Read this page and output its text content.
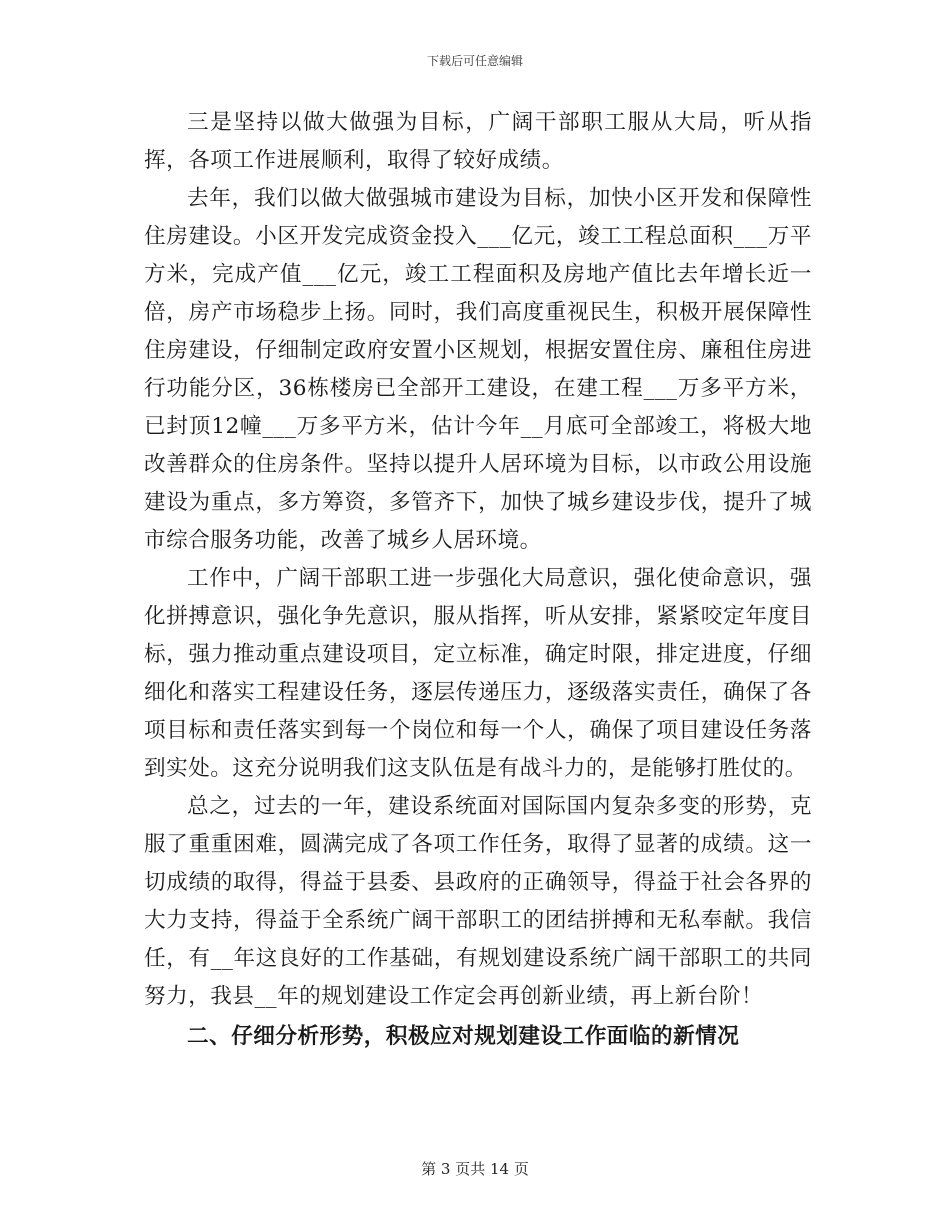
下载后可任意编辑

三是坚持以做大做强为目标，广阔干部职工服从大局，听从指挥，各项工作进展顺利，取得了较好成绩。

去年，我们以做大做强城市建设为目标，加快小区开发和保障性住房建设。小区开发完成资金投入___亿元，竣工工程总面积___万平方米，完成产值___亿元，竣工工程面积及房地产值比去年增长近一倍，房产市场稳步上扬。同时，我们高度重视民生，积极开展保障性住房建设，仔细制定政府安置小区规划，根据安置住房、廉租住房进行功能分区，36栋楼房已全部开工建设，在建工程___万多平方米，已封顶12幢___万多平方米，估计今年__月底可全部竣工，将极大地改善群众的住房条件。坚持以提升人居环境为目标，以市政公用设施建设为重点，多方筹资，多管齐下，加快了城乡建设步伐，提升了城市综合服务功能，改善了城乡人居环境。

工作中，广阔干部职工进一步强化大局意识，强化使命意识，强化拼搏意识，强化争先意识，服从指挥，听从安排，紧紧咬定年度目标，强力推动重点建设项目，定立标准，确定时限，排定进度，仔细细化和落实工程建设任务，逐层传递压力，逐级落实责任，确保了各项目标和责任落实到每一个岗位和每一个人，确保了项目建设任务落到实处。这充分说明我们这支队伍是有战斗力的，是能够打胜仗的。

总之，过去的一年，建设系统面对国际国内复杂多变的形势，克服了重重困难，圆满完成了各项工作任务，取得了显著的成绩。这一切成绩的取得，得益于县委、县政府的正确领导，得益于社会各界的大力支持，得益于全系统广阔干部职工的团结拼搏和无私奉献。我信任，有__年这良好的工作基础，有规划建设系统广阔干部职工的共同努力，我县__年的规划建设工作定会再创新业绩，再上新台阶！

二、仔细分析形势，积极应对规划建设工作面临的新情况

第 3 页共 14 页
